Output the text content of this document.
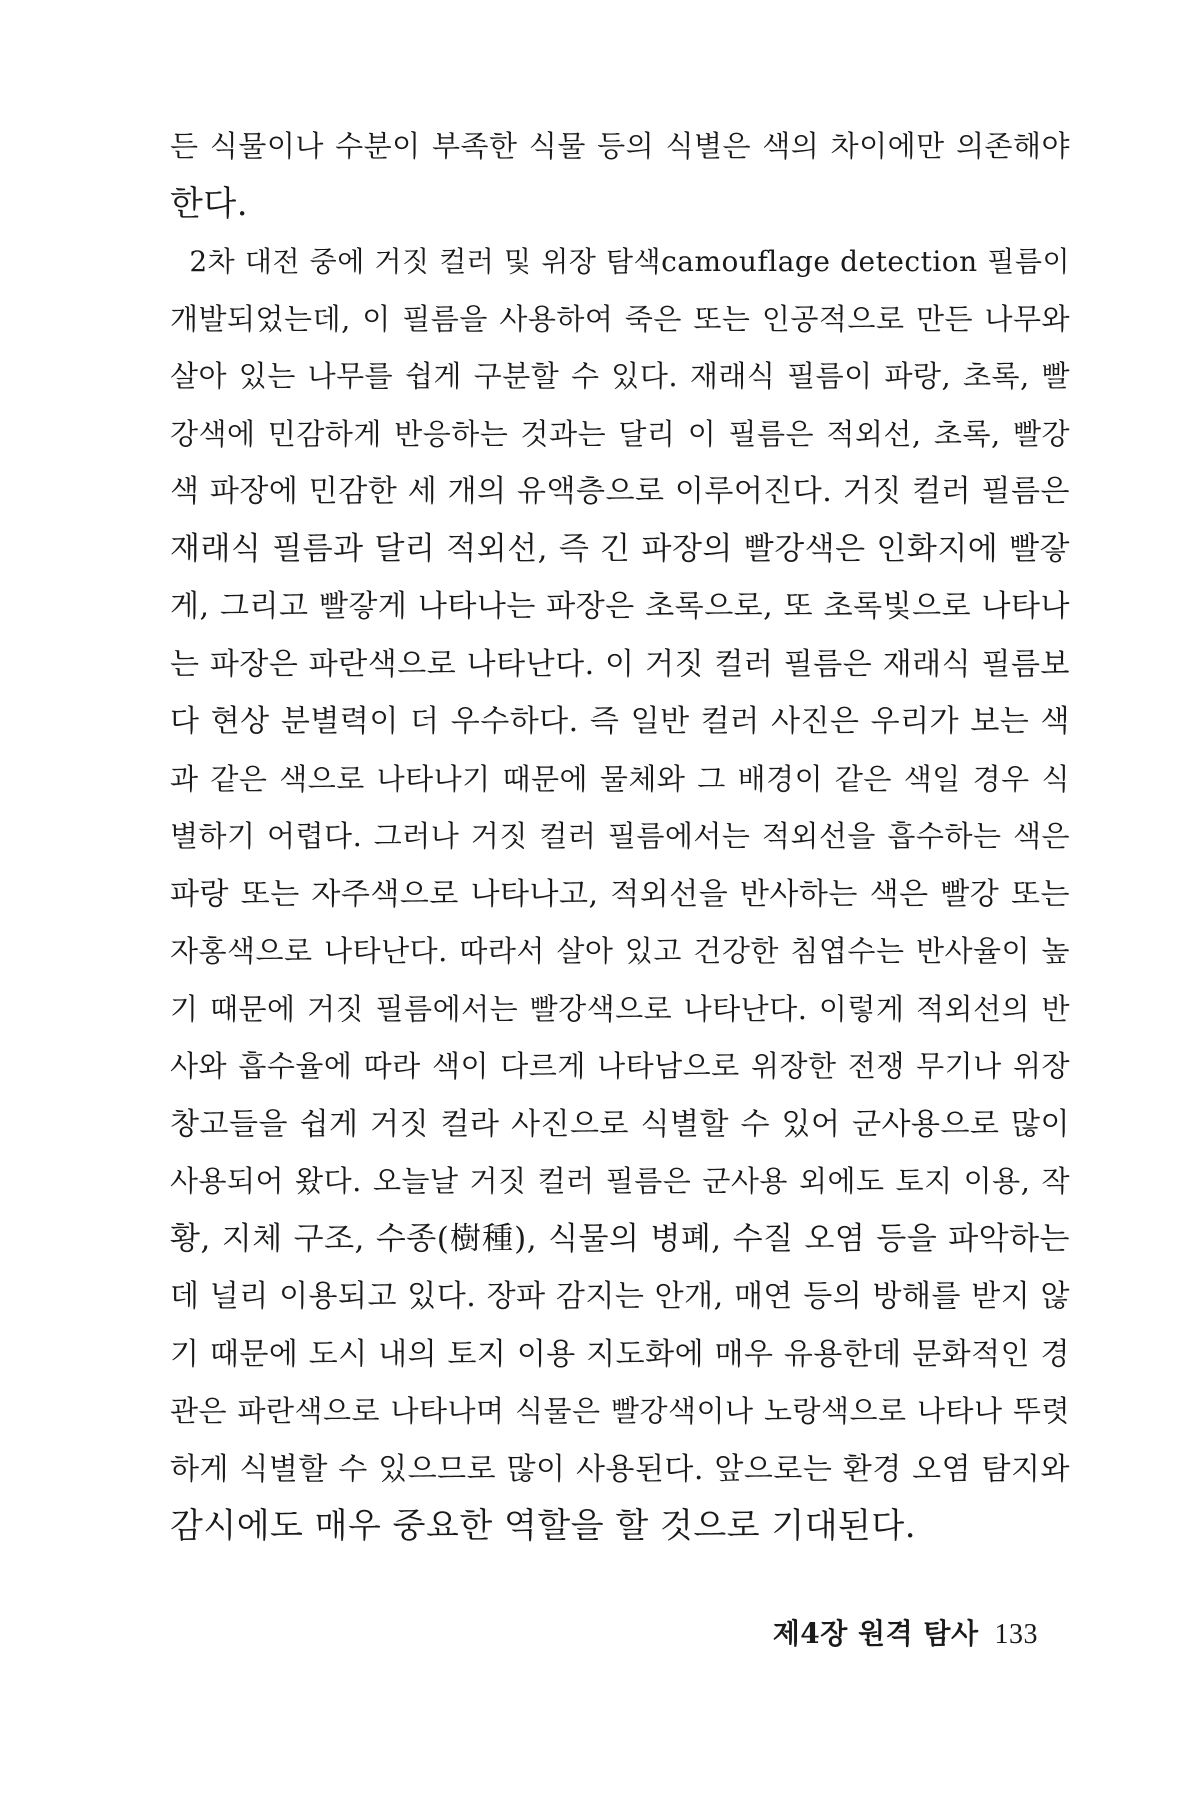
든 식물이나 수분이 부족한 식물 등의 식별은 색의 차이에만 의존해야
한다.
2차 대전 중에 거짓 컬러 및 위장 탐색camouflage detection 필름이
개발되었는데, 이 필름을 사용하여 죽은 또는 인공적으로 만든 나무와
살아 있는 나무를 쉽게 구분할 수 있다. 재래식 필름이 파랑, 초록, 빨
강색에 민감하게 반응하는 것과는 달리 이 필름은 적외선, 초록, 빨강
색 파장에 민감한 세 개의 유액층으로 이루어진다. 거짓 컬러 필름은
재래식 필름과 달리 적외선, 즉 긴 파장의 빨강색은 인화지에 빨갛
게, 그리고 빨갛게 나타나는 파장은 초록으로, 또 초록빛으로 나타나
는 파장은 파란색으로 나타난다. 이 거짓 컬러 필름은 재래식 필름보
다 현상 분별력이 더 우수하다. 즉 일반 컬러 사진은 우리가 보는 색
과 같은 색으로 나타나기 때문에 물체와 그 배경이 같은 색일 경우 식
별하기 어렵다. 그러나 거짓 컬러 필름에서는 적외선을 흡수하는 색은
파랑 또는 자주색으로 나타나고, 적외선을 반사하는 색은 빨강 또는
자홍색으로 나타난다. 따라서 살아 있고 건강한 침엽수는 반사율이 높
기 때문에 거짓 필름에서는 빨강색으로 나타난다. 이렇게 적외선의 반
사와 흡수율에 따라 색이 다르게 나타남으로 위장한 전쟁 무기나 위장
창고들을 쉽게 거짓 컬라 사진으로 식별할 수 있어 군사용으로 많이
사용되어 왔다. 오늘날 거짓 컬러 필름은 군사용 외에도 토지 이용, 작
황, 지체 구조, 수종(樹種), 식물의 병폐, 수질 오염 등을 파악하는
데 널리 이용되고 있다. 장파 감지는 안개, 매연 등의 방해를 받지 않
기 때문에 도시 내의 토지 이용 지도화에 매우 유용한데 문화적인 경
관은 파란색으로 나타나며 식물은 빨강색이나 노랑색으로 나타나 뚜렷
하게 식별할 수 있으므로 많이 사용된다. 앞으로는 환경 오염 탐지와
감시에도 매우 중요한 역할을 할 것으로 기대된다.
제4장 원격 탐사 133
